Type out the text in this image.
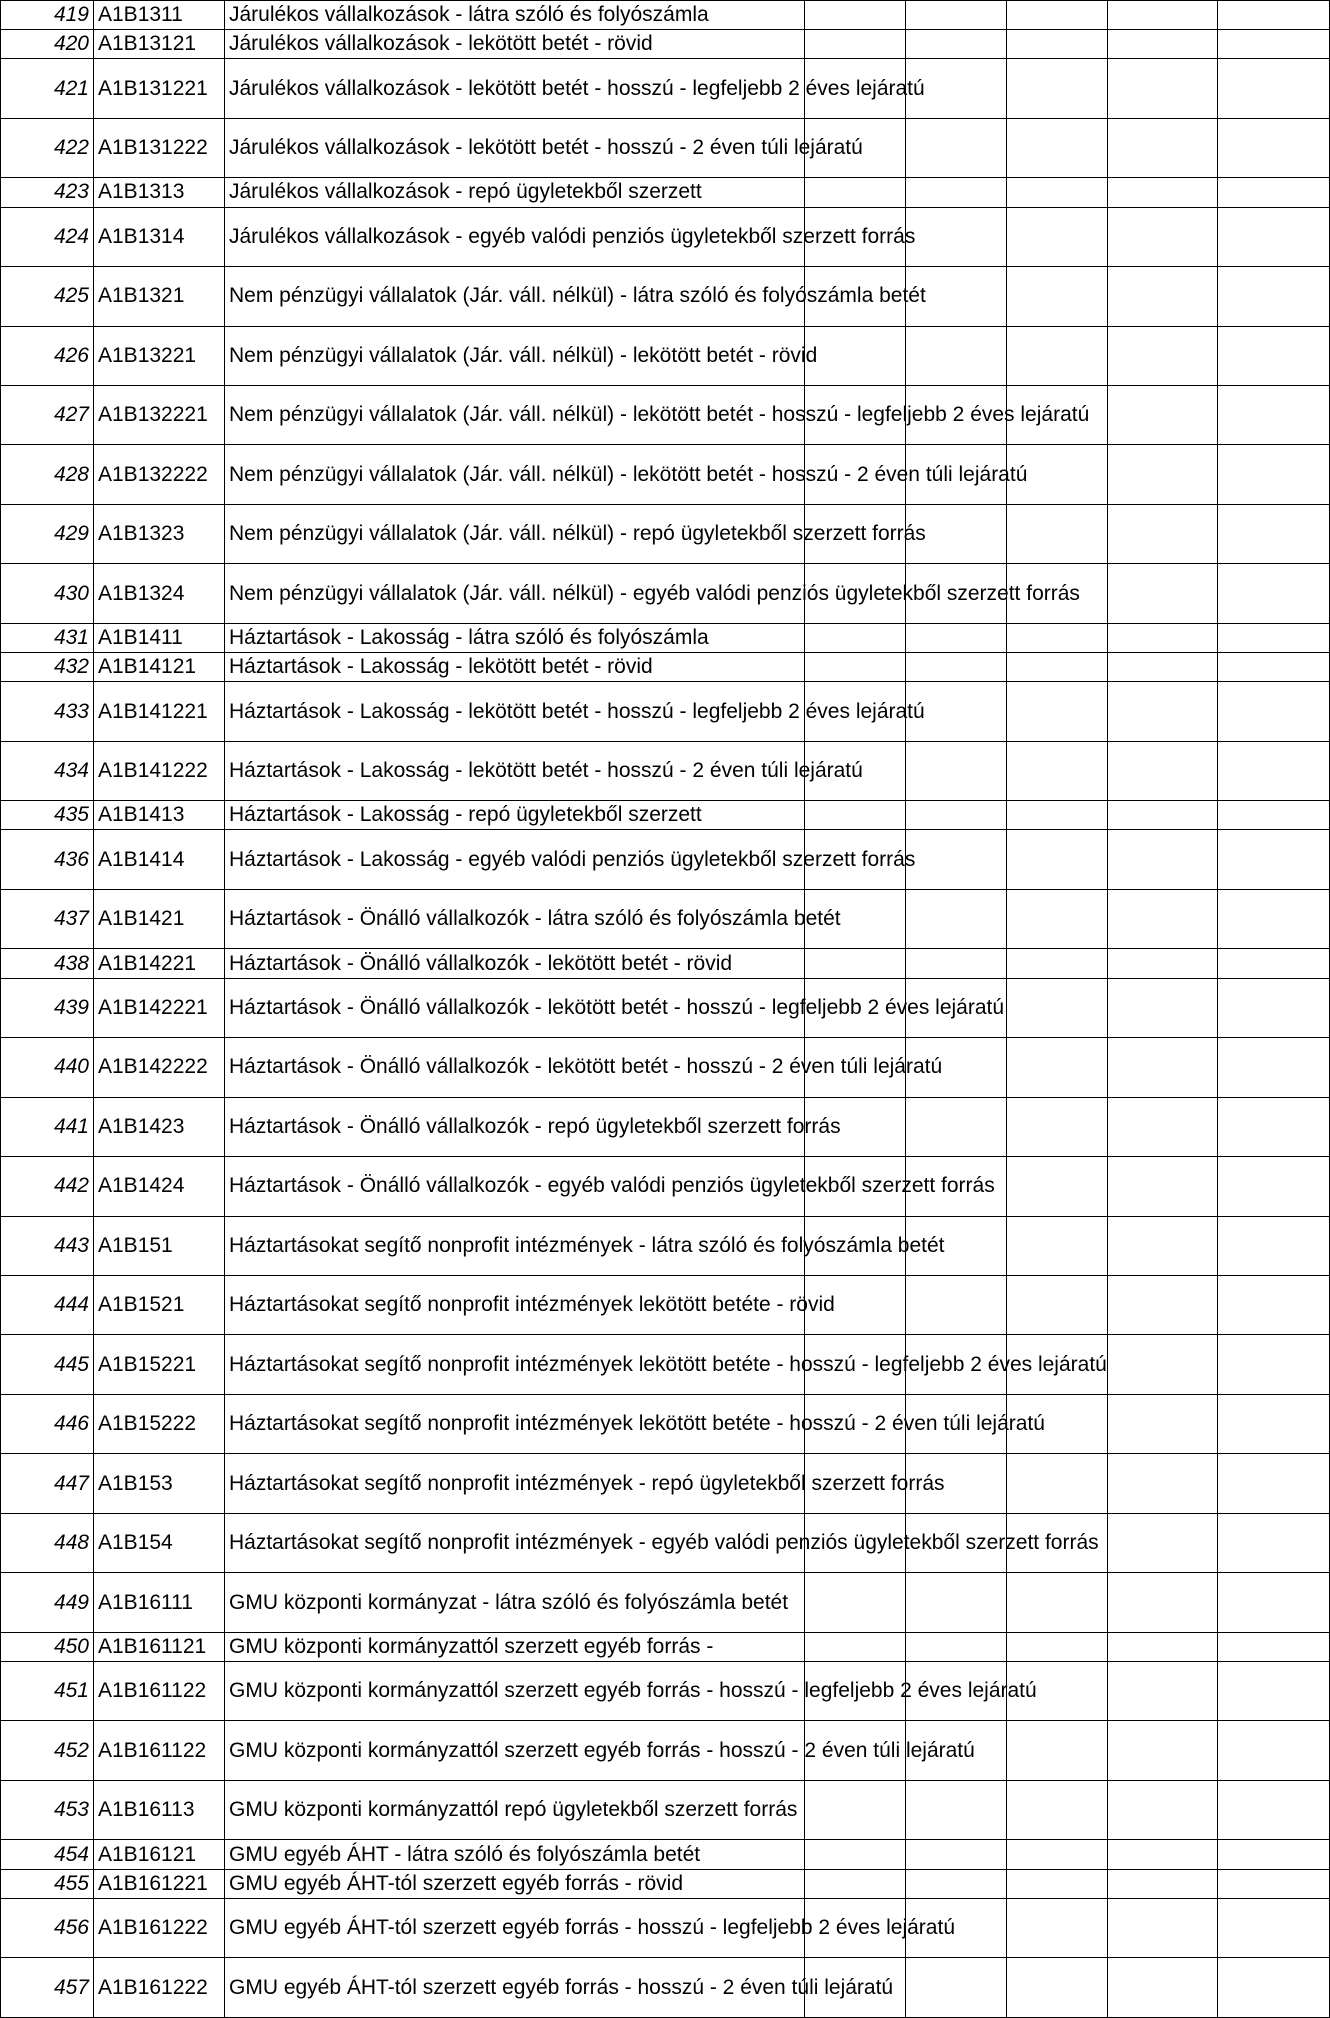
419	A1B1311	Járulékos vállalkozások - látra szóló és folyószámla					
420	A1B13121	Járulékos vállalkozások - lekötött betét - rövid					
421	A1B131221	Járulékos vállalkozások - lekötött betét - hosszú - legfeljebb 2 éves lejáratú					
422	A1B131222	Járulékos vállalkozások - lekötött betét - hosszú - 2 éven túli lejáratú					
423	A1B1313	Járulékos vállalkozások - repó ügyletekből szerzett					
424	A1B1314	Járulékos vállalkozások - egyéb valódi penziós ügyletekből szerzett forrás					
425	A1B1321	Nem pénzügyi vállalatok (Jár. váll. nélkül) - látra szóló és folyószámla betét					
426	A1B13221	Nem pénzügyi vállalatok (Jár. váll. nélkül) - lekötött betét - rövid					
427	A1B132221	Nem pénzügyi vállalatok (Jár. váll. nélkül) - lekötött betét - hosszú - legfeljebb 2 éves lejáratú					
428	A1B132222	Nem pénzügyi vállalatok (Jár. váll. nélkül) - lekötött betét - hosszú - 2 éven túli lejáratú					
429	A1B1323	Nem pénzügyi vállalatok (Jár. váll. nélkül) - repó ügyletekből szerzett forrás					
430	A1B1324	Nem pénzügyi vállalatok (Jár. váll. nélkül) - egyéb valódi penziós ügyletekből szerzett forrás					
431	A1B1411	Háztartások - Lakosság - látra szóló és folyószámla					
432	A1B14121	Háztartások - Lakosság - lekötött betét - rövid					
433	A1B141221	Háztartások - Lakosság - lekötött betét - hosszú - legfeljebb 2 éves lejáratú					
434	A1B141222	Háztartások - Lakosság - lekötött betét - hosszú - 2 éven túli lejáratú					
435	A1B1413	Háztartások - Lakosság - repó ügyletekből szerzett					
436	A1B1414	Háztartások - Lakosság - egyéb valódi penziós ügyletekből szerzett forrás					
437	A1B1421	Háztartások - Önálló vállalkozók - látra szóló és folyószámla betét					
438	A1B14221	Háztartások - Önálló vállalkozók - lekötött betét - rövid					
439	A1B142221	Háztartások - Önálló vállalkozók - lekötött betét - hosszú - legfeljebb 2 éves lejáratú					
440	A1B142222	Háztartások - Önálló vállalkozók - lekötött betét - hosszú - 2 éven túli lejáratú					
441	A1B1423	Háztartások - Önálló vállalkozók - repó ügyletekből szerzett forrás					
442	A1B1424	Háztartások - Önálló vállalkozók - egyéb valódi penziós ügyletekből szerzett forrás					
443	A1B151	Háztartásokat segítő nonprofit intézmények - látra szóló és folyószámla betét					
444	A1B1521	Háztartásokat segítő nonprofit intézmények lekötött betéte - rövid					
445	A1B15221	Háztartásokat segítő nonprofit intézmények lekötött betéte - hosszú - legfeljebb 2 éves lejáratú					
446	A1B15222	Háztartásokat segítő nonprofit intézmények lekötött betéte - hosszú - 2 éven túli lejáratú					
447	A1B153	Háztartásokat segítő nonprofit intézmények - repó ügyletekből szerzett forrás					
448	A1B154	Háztartásokat segítő nonprofit intézmények - egyéb valódi penziós ügyletekből szerzett forrás					
449	A1B16111	GMU központi kormányzat - látra szóló és folyószámla betét					
450	A1B161121	GMU központi kormányzattól szerzett egyéb forrás -					
451	A1B161122	GMU központi kormányzattól szerzett egyéb forrás - hosszú - legfeljebb 2 éves lejáratú					
452	A1B161122	GMU központi kormányzattól szerzett egyéb forrás - hosszú - 2 éven túli lejáratú					
453	A1B16113	GMU központi kormányzattól repó ügyletekből szerzett forrás					
454	A1B16121	GMU egyéb ÁHT - látra szóló és folyószámla betét					
455	A1B161221	GMU egyéb ÁHT-tól szerzett egyéb forrás - rövid					
456	A1B161222	GMU egyéb ÁHT-tól szerzett egyéb forrás - hosszú - legfeljebb 2 éves lejáratú					
457	A1B161222	GMU egyéb ÁHT-tól szerzett egyéb forrás - hosszú - 2 éven túli lejáratú					
